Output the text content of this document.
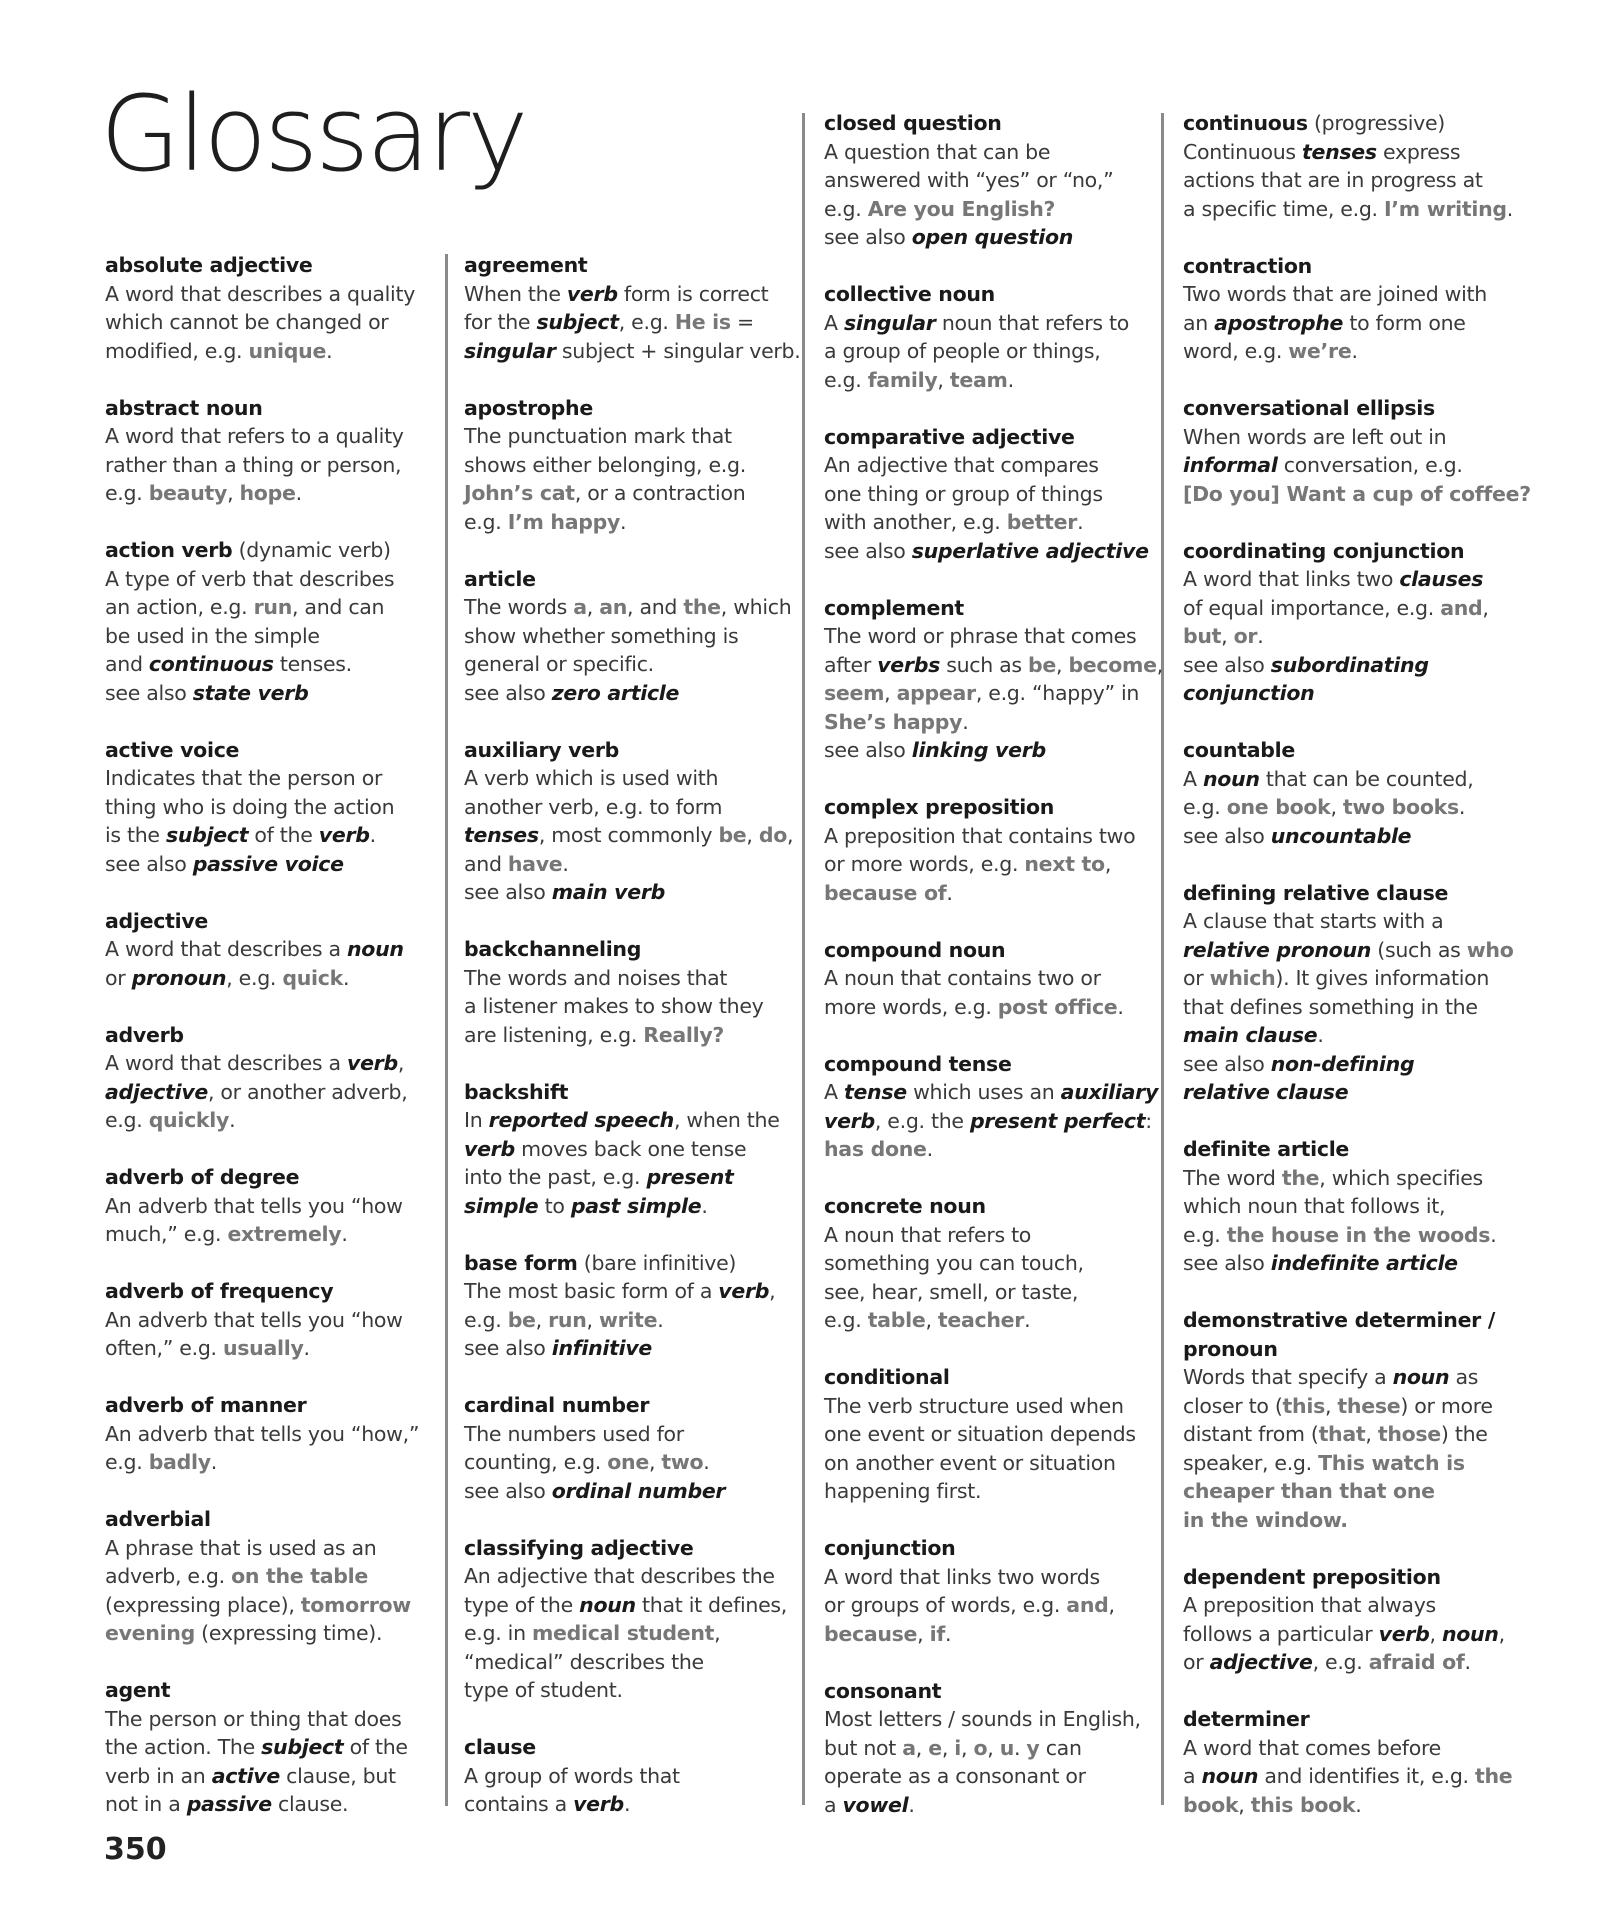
Glossary
absolute adjective
A word that describes a quality
which cannot be changed or
modified, e.g. unique.
abstract noun
A word that refers to a quality
rather than a thing or person,
e.g. beauty, hope.
action verb (dynamic verb)
A type of verb that describes
an action, e.g. run, and can
be used in the simple
and continuous tenses.
see also state verb
active voice
Indicates that the person or
thing who is doing the action
is the subject of the verb.
see also passive voice
adjective
A word that describes a noun
or pronoun, e.g. quick.
adverb
A word that describes a verb,
adjective, or another adverb,
e.g. quickly.
adverb of degree
An adverb that tells you “how
much,” e.g. extremely.
adverb of frequency
An adverb that tells you “how
often,” e.g. usually.
adverb of manner
An adverb that tells you “how,”
e.g. badly.
adverbial
A phrase that is used as an
adverb, e.g. on the table
(expressing place), tomorrow
evening (expressing time).
agent
The person or thing that does
the action. The subject of the
verb in an active clause, but
not in a passive clause.
agreement
When the verb form is correct
for the subject, e.g. He is =
singular subject + singular verb.
apostrophe
The punctuation mark that
shows either belonging, e.g.
John’s cat, or a contraction
e.g. I’m happy.
article
The words a, an, and the, which
show whether something is
general or specific.
see also zero article
auxiliary verb
A verb which is used with
another verb, e.g. to form
tenses, most commonly be, do,
and have.
see also main verb
backchanneling
The words and noises that
a listener makes to show they
are listening, e.g. Really?
backshift
In reported speech, when the
verb moves back one tense
into the past, e.g. present
simple to past simple.
base form (bare infinitive)
The most basic form of a verb,
e.g. be, run, write.
see also infinitive
cardinal number
The numbers used for
counting, e.g. one, two.
see also ordinal number
classifying adjective
An adjective that describes the
type of the noun that it defines,
e.g. in medical student,
“medical” describes the
type of student.
clause
A group of words that
contains a verb.
closed question
A question that can be
answered with “yes” or “no,”
e.g. Are you English?
see also open question
collective noun
A singular noun that refers to
a group of people or things,
e.g. family, team.
comparative adjective
An adjective that compares
one thing or group of things
with another, e.g. better.
see also superlative adjective
complement
The word or phrase that comes
after verbs such as be, become,
seem, appear, e.g. “happy” in
She’s happy.
see also linking verb
complex preposition
A preposition that contains two
or more words, e.g. next to,
because of.
compound noun
A noun that contains two or
more words, e.g. post office.
compound tense
A tense which uses an auxiliary
verb, e.g. the present perfect:
has done.
concrete noun
A noun that refers to
something you can touch,
see, hear, smell, or taste,
e.g. table, teacher.
conditional
The verb structure used when
one event or situation depends
on another event or situation
happening first.
conjunction
A word that links two words
or groups of words, e.g. and,
because, if.
consonant
Most letters / sounds in English,
but not a, e, i, o, u. y can
operate as a consonant or
a vowel.
continuous (progressive)
Continuous tenses express
actions that are in progress at
a specific time, e.g. I’m writing.
contraction
Two words that are joined with
an apostrophe to form one
word, e.g. we’re.
conversational ellipsis
When words are left out in
informal conversation, e.g.
[Do you] Want a cup of coffee?
coordinating conjunction
A word that links two clauses
of equal importance, e.g. and,
but, or.
see also subordinating
conjunction
countable
A noun that can be counted,
e.g. one book, two books.
see also uncountable
defining relative clause
A clause that starts with a
relative pronoun (such as who
or which). It gives information
that defines something in the
main clause.
see also non-defining
relative clause
definite article
The word the, which specifies
which noun that follows it,
e.g. the house in the woods.
see also indefinite article
demonstrative determiner /
pronoun
Words that specify a noun as
closer to (this, these) or more
distant from (that, those) the
speaker, e.g. This watch is
cheaper than that one
in the window.
dependent preposition
A preposition that always
follows a particular verb, noun,
or adjective, e.g. afraid of.
determiner
A word that comes before
a noun and identifies it, e.g. the
book, this book.
350
